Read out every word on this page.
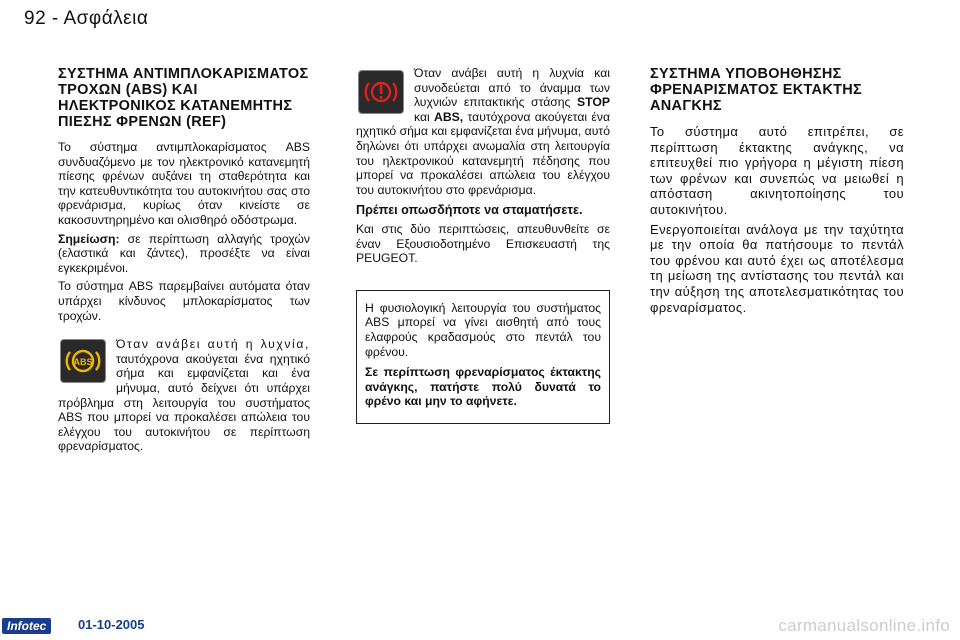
92 - Ασφάλεια
ΣΥΣΤΗΜΑ ΑΝΤΙΜΠΛΟΚΑΡΙΣΜΑΤΟΣ ΤΡΟΧΩΝ (ABS) ΚΑΙ ΗΛΕΚΤΡΟΝΙΚΟΣ ΚΑΤΑΝΕΜΗΤΗΣ ΠΙΕΣΗΣ ΦΡΕΝΩΝ (REF)

Το σύστημα αντιμπλοκαρίσματος ABS συνδυαζόμενο με τον ηλεκτρονικό κατανεμητή πίεσης φρένων αυξάνει τη σταθερότητα και την κατευθυντικότητα του αυτοκινήτου σας στο φρενάρισμα, κυρίως όταν κινείστε σε κακοσυντηρημένο και ολισθηρό οδόστρωμα.

Σημείωση: σε περίπτωση αλλαγής τροχών (ελαστικά και ζάντες), προσέξτε να είναι εγκεκριμένοι.

Το σύστημα ABS παρεμβαίνει αυτόματα όταν υπάρχει κίνδυνος μπλοκαρίσματος των τροχών.

ABS

Όταν ανάβει αυτή η λυχνία, ταυτόχρονα ακούγεται ένα ηχητικό σήμα και εμφανίζεται και ένα μήνυμα, αυτό δείχνει ότι υπάρχει πρόβλημα στη λειτουργία του συστήματος ABS που μπορεί να προκαλέσει απώλεια του ελέγχου του αυτοκινήτου σε περίπτωση φρεναρίσματος.

Όταν ανάβει αυτή η λυχνία και συνοδεύεται από το άναμμα των λυχνιών επιτακτικής στάσης STOP και ABS, ταυτόχρονα ακούγεται ένα ηχητικό σήμα και εμφανίζεται ένα μήνυμα, αυτό δηλώνει ότι υπάρχει ανωμαλία στη λειτουργία του ηλεκτρονικού κατανεμητή πέδησης που μπορεί να προκαλέσει απώλεια του ελέγχου του αυτοκινήτου στο φρενάρισμα.

Πρέπει οπωσδήποτε να σταματήσετε.

Και στις δύο περιπτώσεις, απευθυνθείτε σε έναν Εξουσιοδοτημένο Επισκευαστή της PEUGEOT.

Η φυσιολογική λειτουργία του συστήματος ABS μπορεί να γίνει αισθητή από τους ελαφρούς κραδασμούς στο πεντάλ του φρένου.

Σε περίπτωση φρεναρίσματος έκτακτης ανάγκης, πατήστε πολύ δυνατά το φρένο και μην το αφήνετε.

ΣΥΣΤΗΜΑ ΥΠΟΒΟΗΘΗΣΗΣ ΦΡΕΝΑΡΙΣΜΑΤΟΣ ΕΚΤΑΚΤΗΣ ΑΝΑΓΚΗΣ

Το σύστημα αυτό επιτρέπει, σε περίπτωση έκτακτης ανάγκης, να επιτευχθεί πιο γρήγορα η μέγιστη πίεση των φρένων και συνεπώς να μειωθεί η απόσταση ακινητοποίησης του αυτοκινήτου.

Ενεργοποιείται ανάλογα με την ταχύτητα με την οποία θα πατήσουμε το πεντάλ του φρένου και αυτό έχει ως αποτέλεσμα τη μείωση της αντίστασης του πεντάλ και την αύξηση της αποτελεσματικότητας του φρεναρίσματος.

Infotec	01-10-2005	carmanualsonline.info
